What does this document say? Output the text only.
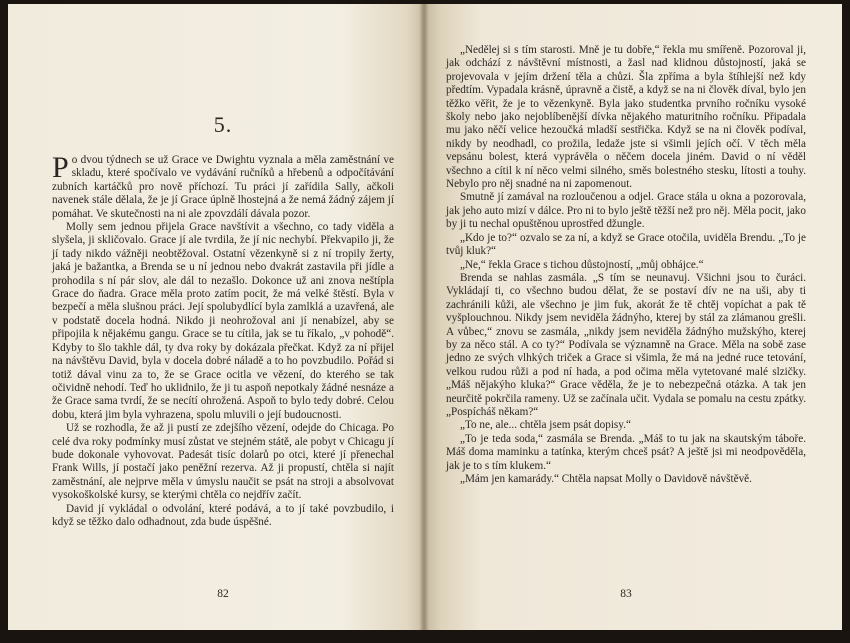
5.

Po dvou týdnech se už Grace ve Dwightu vyznala a měla zaměstnání ve skladu, které spočívalo ve vydávání ručníků a hřebenů a odpočítávání zubních kartáčků pro nově příchozí. Tu práci jí zařídila Sally, ačkoli navenek stále dělala, že je jí Grace úplně lhostejná a že nemá žádný zájem jí pomáhat. Ve skutečnosti na ni ale zpovzdálí dávala pozor.

Molly sem jednou přijela Grace navštívit a všechno, co tady viděla a slyšela, ji skličovalo. Grace jí ale tvrdila, že jí nic nechybí. Překvapilo ji, že jí tady nikdo vážněji neobtěžoval. Ostatní vězenkyně si z ní tropily žerty, jaká je bažantka, a Brenda se u ní jednou nebo dvakrát zastavila při jídle a prohodila s ní pár slov, ale dál to nezašlo. Dokonce už ani znova neštípla Grace do ňadra. Grace měla proto zatím pocit, že má velké štěstí. Byla v bezpečí a měla slušnou práci. Její spolubydlící byla zamlklá a uzavřená, ale v podstatě docela hodná. Nikdo ji neohrožoval ani jí nenabízel, aby se připojila k nějakému gangu. Grace se tu cítila, jak se tu říkalo, „v pohodě“. Kdyby to šlo takhle dál, ty dva roky by dokázala přečkat. Když za ní přijel na návštěvu David, byla v docela dobré náladě a to ho povzbudilo. Pořád si totiž dával vinu za to, že se Grace ocitla ve vězení, do kterého se tak očividně nehodí. Teď ho uklidnilo, že ji tu aspoň nepotkaly žádné nesnáze a že Grace sama tvrdí, že se necítí ohrožená. Aspoň to bylo tedy dobré. Celou dobu, která jim byla vyhrazena, spolu mluvili o její budoucnosti.

Už se rozhodla, že až ji pustí ze zdejšího vězení, odejde do Chicaga. Po celé dva roky podmínky musí zůstat ve stejném státě, ale pobyt v Chicagu jí bude dokonale vyhovovat. Padesát tisíc dolarů po otci, které jí přenechal Frank Wills, jí postačí jako peněžní rezerva. Až ji propustí, chtěla si najít zaměstnání, ale nejprve měla v úmyslu naučit se psát na stroji a absolvovat vysokoškolské kursy, se kterými chtěla co nejdřív začít.

David jí vykládal o odvolání, které podává, a to jí také povzbudilo, i když se těžko dalo odhadnout, zda bude úspěšné.

82

„Nedělej si s tím starosti. Mně je tu dobře,“ řekla mu smířeně. Pozoroval ji, jak odchází z návštěvní místnosti, a žasl nad klidnou důstojností, jaká se projevovala v jejím držení těla a chůzi. Šla zpříma a byla štíhlejší než kdy předtím. Vypadala krásně, úpravně a čistě, a když se na ni člověk díval, bylo jen těžko věřit, že je to vězenkyně. Byla jako studentka prvního ročníku vysoké školy nebo jako nejoblíbenější dívka nějakého maturitního ročníku. Připadala mu jako něčí velice hezoučká mladší sestřička. Když se na ni člověk podíval, nikdy by neodhadl, co prožila, ledaže jste si všimli jejích očí. V těch měla vepsánu bolest, která vyprávěla o něčem docela jiném. David o ní věděl všechno a cítil k ní něco velmi silného, směs bolestného stesku, lítosti a touhy. Nebylo pro něj snadné na ni zapomenout.

Smutně jí zamával na rozloučenou a odjel. Grace stála u okna a pozorovala, jak jeho auto mizí v dálce. Pro ni to bylo ještě těžší než pro něj. Měla pocit, jako by ji tu nechal opuštěnou uprostřed džungle.

„Kdo je to?“ ozvalo se za ní, a když se Grace otočila, uviděla Brendu. „To je tvůj kluk?“

„Ne,“ řekla Grace s tichou důstojností, „můj obhájce.“

Brenda se nahlas zasmála. „S tím se neunavuj. Všichni jsou to čuráci. Vykládají ti, co všechno budou dělat, že se postaví dív ne na uši, aby ti zachránili kůži, ale všechno je jim fuk, akorát že tě chtěj vopíchat a pak tě vyšplouchnou. Nikdy jsem neviděla žádnýho, kterej by stál za zlámanou grešli. A vůbec,“ znovu se zasmála, „nikdy jsem neviděla žádnýho mužskýho, kterej by za něco stál. A co ty?“ Podívala se významně na Grace. Měla na sobě zase jedno ze svých vlhkých triček a Grace si všimla, že má na jedné ruce tetování, velkou rudou růži a pod ní hada, a pod očima měla vytetované malé slzičky. „Máš nějakýho kluka?“ Grace věděla, že je to nebezpečná otázka. A tak jen neurčitě pokrčila rameny. Už se začínala učit. Vydala se pomalu na cestu zpátky. „Pospícháš někam?“

„To ne, ale... chtěla jsem psát dopisy.“

„To je teda soda,“ zasmála se Brenda. „Máš to tu jak na skautským táboře. Máš doma maminku a tatínka, kterým chceš psát? A ještě jsi mi neodpověděla, jak je to s tím klukem.“

„Mám jen kamarády.“ Chtěla napsat Molly o Davidově návštěvě.

83
